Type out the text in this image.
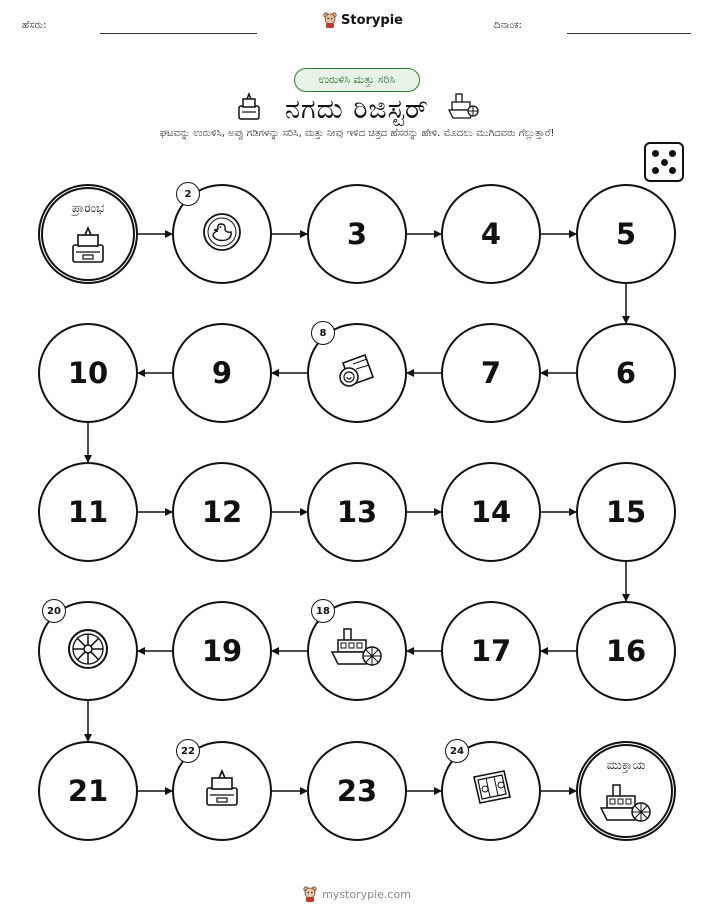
ಹೆಸರು:	Storypie	ದಿನಾಂಕ:
ಉರುಳಿಸಿ ಮತ್ತು ಸರಿಸಿ
ನಗದು ರಿಜಿಸ್ಟರ್
ಘಟವನ್ನು ಉರುಳಿಸಿ, ಅಪ್ಪು ಗಡಿಗಳನ್ನು ಸರಿಸಿ, ಮತ್ತು ನೀವು ಇಳಿದ ಚಿತ್ರದ ಹೆಸರನ್ನು ಹೇಳಿ. ಮೊದಲು ಮುಗಿದವರು ಗೆಲ್ಲುತ್ತಾರೆ!
ಪ್ರಾರಂಭ
2
3	4	5
6
7
8
9
10
11	12	13	14	15
16
17
18
19
20
21
22
23
24
ಮುಕ್ತಾಯ
mystorypie.com
